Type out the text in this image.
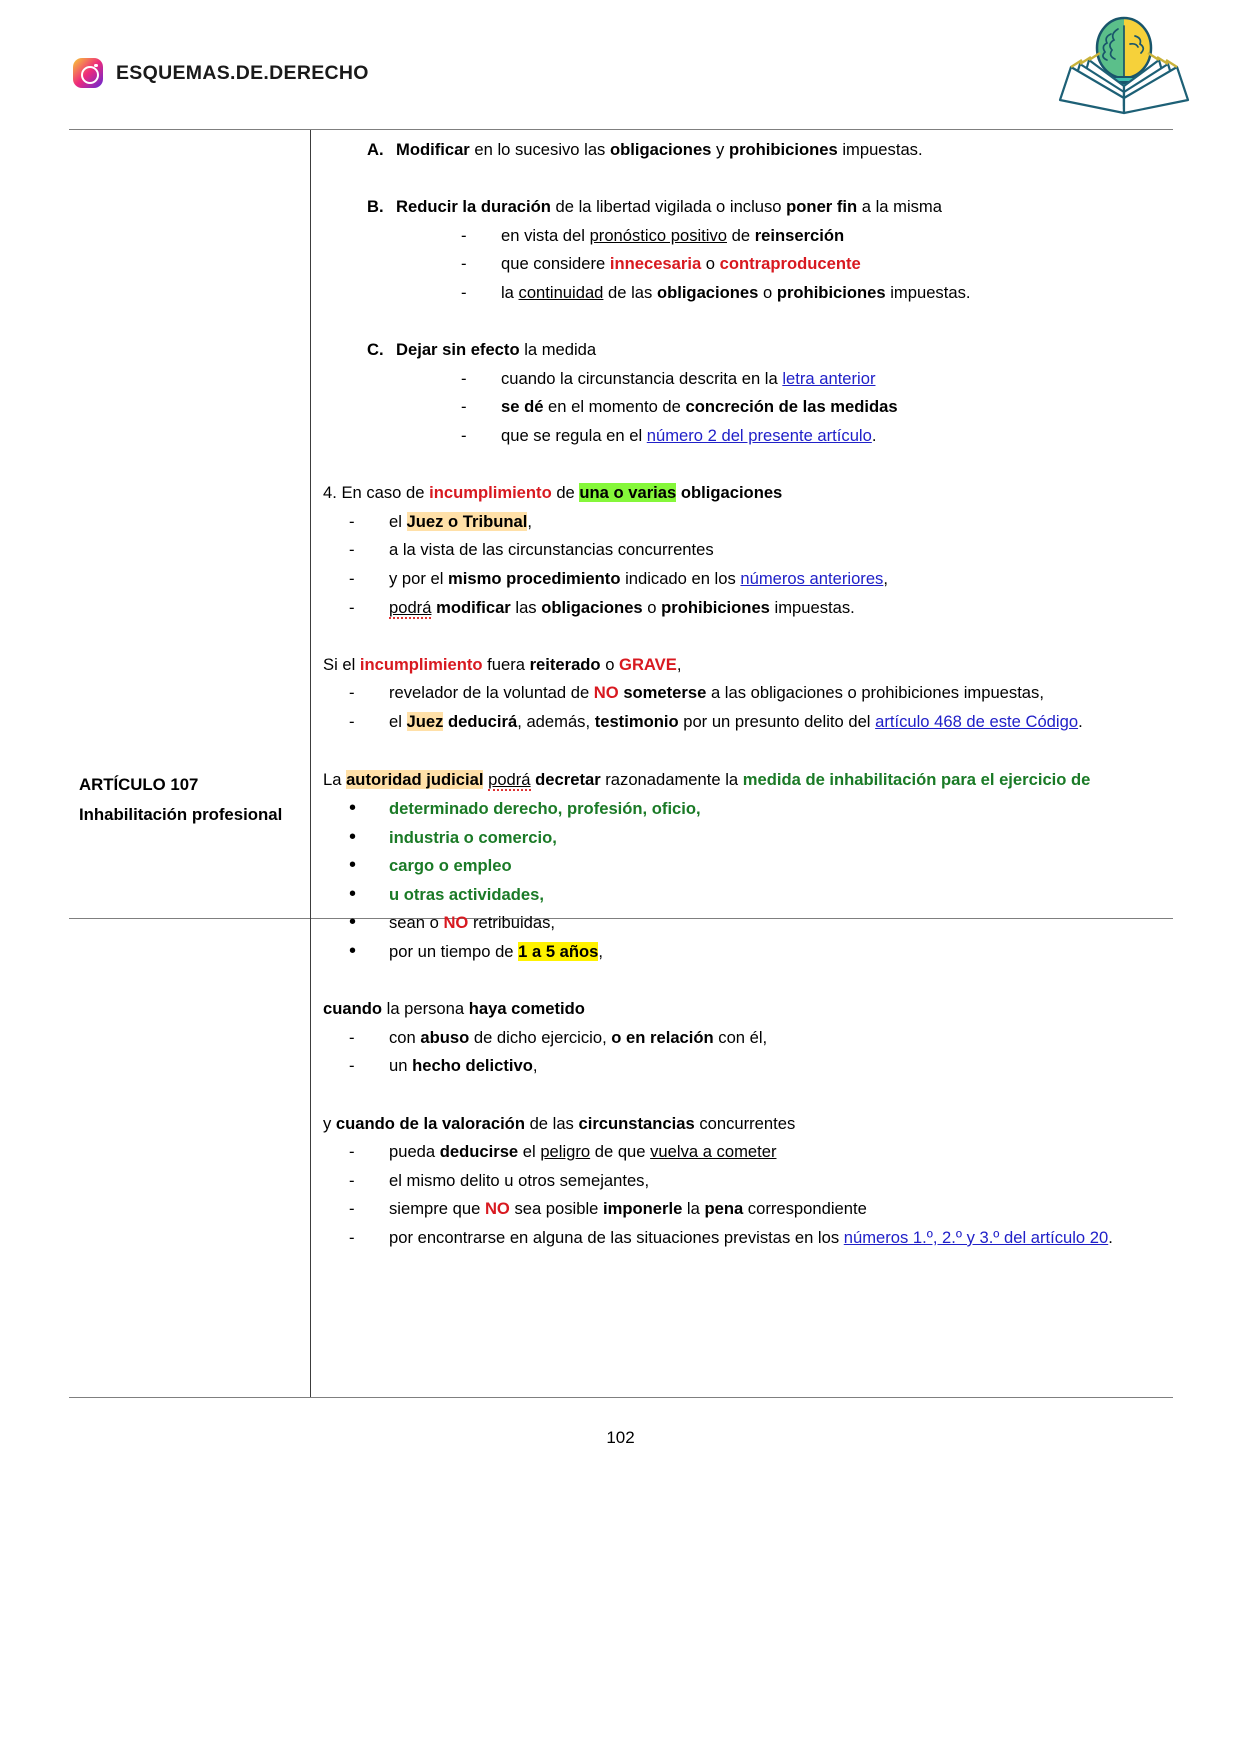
ESQUEMAS.DE.DERECHO
A. Modificar en lo sucesivo las obligaciones y prohibiciones impuestas.
B. Reducir la duración de la libertad vigilada o incluso poner fin a la misma
- en vista del pronóstico positivo de reinserción
- que considere innecesaria o contraproducente
- la continuidad de las obligaciones o prohibiciones impuestas.
C. Dejar sin efecto la medida
- cuando la circunstancia descrita en la letra anterior
- se dé en el momento de concreción de las medidas
- que se regula en el número 2 del presente artículo.
4. En caso de incumplimiento de una o varias obligaciones
- el Juez o Tribunal,
- a la vista de las circunstancias concurrentes
- y por el mismo procedimiento indicado en los números anteriores,
- podrá modificar las obligaciones o prohibiciones impuestas.
Si el incumplimiento fuera reiterado o GRAVE,
- revelador de la voluntad de NO someterse a las obligaciones o prohibiciones impuestas,
- el Juez deducirá, además, testimonio por un presunto delito del artículo 468 de este Código.
ARTÍCULO 107
Inhabilitación profesional
La autoridad judicial podrá decretar razonadamente la medida de inhabilitación para el ejercicio de
• determinado derecho, profesión, oficio,
• industria o comercio,
• cargo o empleo
• u otras actividades,
• sean o NO retribuidas,
• por un tiempo de 1 a 5 años,
cuando la persona haya cometido
- con abuso de dicho ejercicio, o en relación con él,
- un hecho delictivo,
y cuando de la valoración de las circunstancias concurrentes
- pueda deducirse el peligro de que vuelva a cometer
- el mismo delito u otros semejantes,
- siempre que NO sea posible imponerle la pena correspondiente
- por encontrarse en alguna de las situaciones previstas en los números 1.º, 2.º y 3.º del artículo 20.
102
